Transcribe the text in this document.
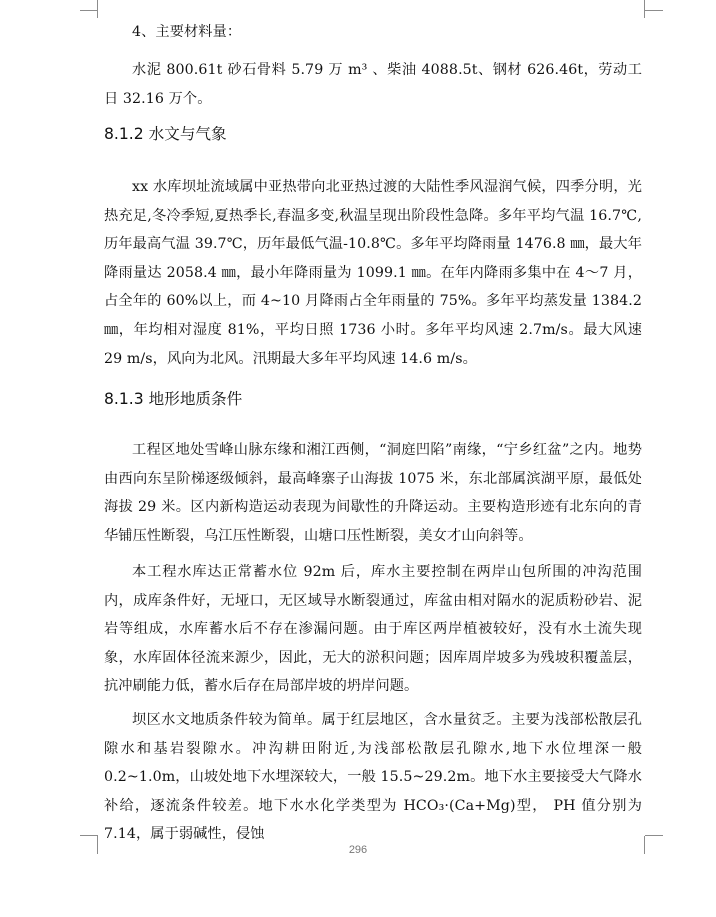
4、主要材料量：

水泥 800.61t 砂石骨料 5.79 万 m³ 、柴油 4088.5t、钢材 626.46t，劳动工日 32.16 万个。

8.1.2 水文与气象

xx 水库坝址流域属中亚热带向北亚热过渡的大陆性季风湿润气候，四季分明，光热充足,冬冷季短,夏热季长,春温多变,秋温呈现出阶段性急降。多年平均气温 16.7℃,历年最高气温 39.7℃，历年最低气温-10.8℃。多年平均降雨量 1476.8 ㎜，最大年降雨量达 2058.4 ㎜，最小年降雨量为 1099.1 ㎜。在年内降雨多集中在 4～7 月，占全年的 60%以上，而 4~10 月降雨占全年雨量的 75%。多年平均蒸发量 1384.2 ㎜，年均相对湿度 81%，平均日照 1736 小时。多年平均风速 2.7m/s。最大风速 29 m/s，风向为北风。汛期最大多年平均风速 14.6 m/s。

8.1.3 地形地质条件

工程区地处雪峰山脉东缘和湘江西侧，“洞庭凹陷”南缘，“宁乡红盆”之内。地势由西向东呈阶梯逐级倾斜，最高峰寨子山海拔 1075 米，东北部属滨湖平原，最低处海拔 29 米。区内新构造运动表现为间歇性的升降运动。主要构造形迹有北东向的青华铺压性断裂，乌江压性断裂，山塘口压性断裂，美女才山向斜等。

本工程水库达正常蓄水位 92m 后，库水主要控制在两岸山包所围的冲沟范围内，成库条件好，无垭口，无区域导水断裂通过，库盆由相对隔水的泥质粉砂岩、泥岩等组成，水库蓄水后不存在渗漏问题。由于库区两岸植被较好，没有水土流失现象，水库固体径流来源少，因此，无大的淤积问题；因库周岸坡多为残坡积覆盖层，抗冲刷能力低，蓄水后存在局部岸坡的坍岸问题。

坝区水文地质条件较为简单。属于红层地区，含水量贫乏。主要为浅部松散层孔隙水和基岩裂隙水。冲沟耕田附近,为浅部松散层孔隙水,地下水位埋深一般 0.2~1.0m，山坡处地下水埋深较大，一般 15.5~29.2m。地下水主要接受大气降水补给，逐流条件较差。地下水水化学类型为 HCO₃·(Ca+Mg)型， PH 值分别为 7.14，属于弱碱性，侵蚀

296
